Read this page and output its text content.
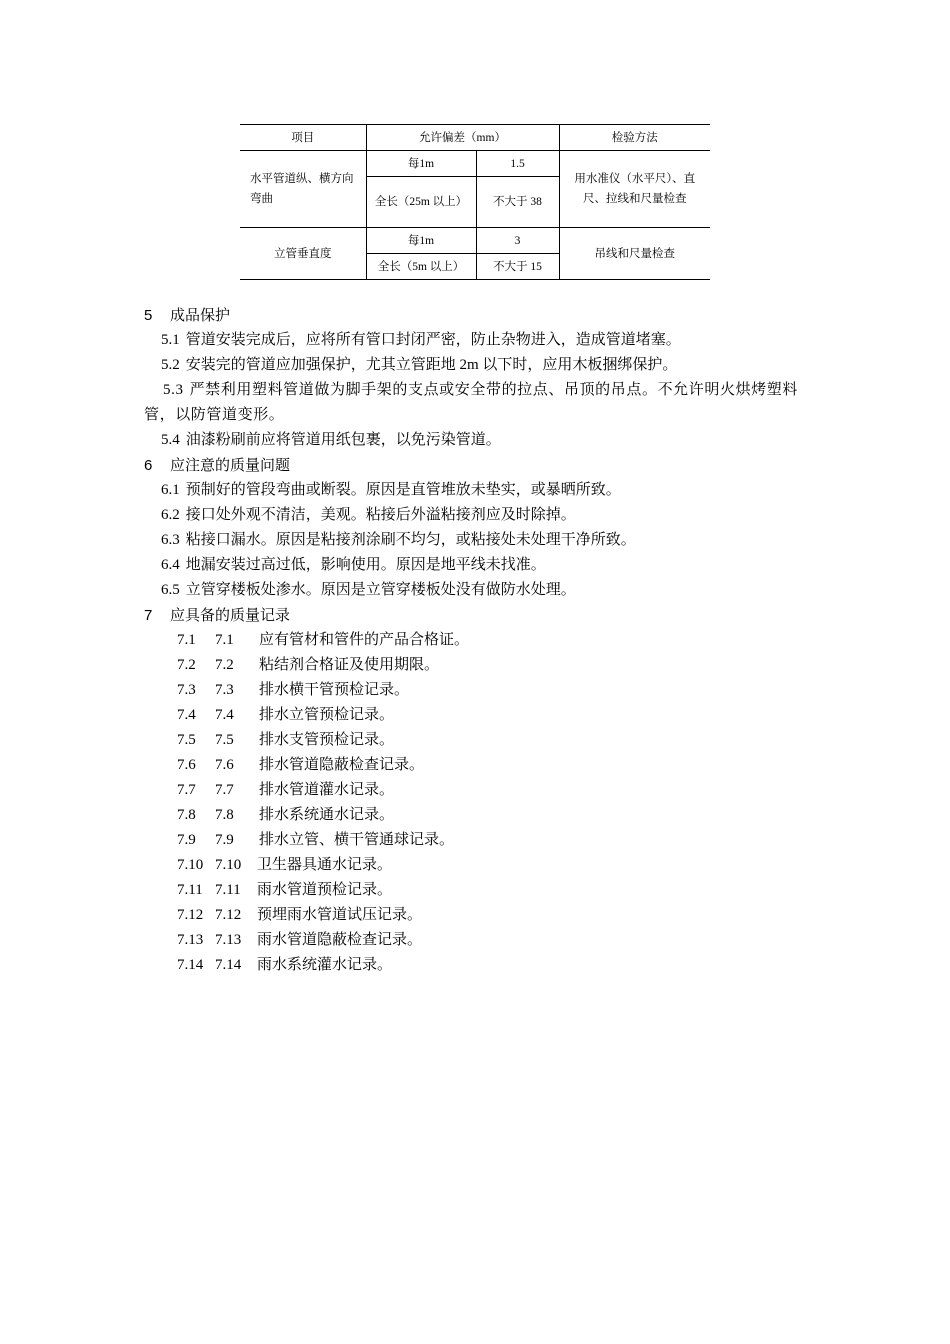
项目	允许偏差（mm）		检验方法
水平管道纵、横方向弯曲	每1m	1.5	用水准仪（水平尺）、直尺、拉线和尺量检查
	全长（25m 以上）	不大于 38	
立管垂直度	每1m	3	吊线和尺量检查
	全长（5m 以上）	不大于 15	
5 成品保护
5.1 管道安装完成后，应将所有管口封闭严密，防止杂物进入，造成管道堵塞。
5.2 安装完的管道应加强保护，尤其立管距地 2m 以下时，应用木板捆绑保护。
5.3 严禁利用塑料管道做为脚手架的支点或安全带的拉点、吊顶的吊点。不允许明火烘烤塑料管，以防管道变形。
5.4 油漆粉刷前应将管道用纸包裹，以免污染管道。
6 应注意的质量问题
6.1 预制好的管段弯曲或断裂。原因是直管堆放未垫实，或暴晒所致。
6.2 接口处外观不清洁，美观。粘接后外溢粘接剂应及时除掉。
6.3 粘接口漏水。原因是粘接剂涂刷不均匀，或粘接处未处理干净所致。
6.4 地漏安装过高过低，影响使用。原因是地平线未找准。
6.5 立管穿楼板处渗水。原因是立管穿楼板处没有做防水处理。
7 应具备的质量记录
7.1 7.1 应有管材和管件的产品合格证。
7.2 7.2 粘结剂合格证及使用期限。
7.3 7.3 排水横干管预检记录。
7.4 7.4 排水立管预检记录。
7.5 7.5 排水支管预检记录。
7.6 7.6 排水管道隐蔽检查记录。
7.7 7.7 排水管道灌水记录。
7.8 7.8 排水系统通水记录。
7.9 7.9 排水立管、横干管通球记录。
7.10 7.10 卫生器具通水记录。
7.11 7.11 雨水管道预检记录。
7.12 7.12 预埋雨水管道试压记录。
7.13 7.13 雨水管道隐蔽检查记录。
7.14 7.14 雨水系统灌水记录。
